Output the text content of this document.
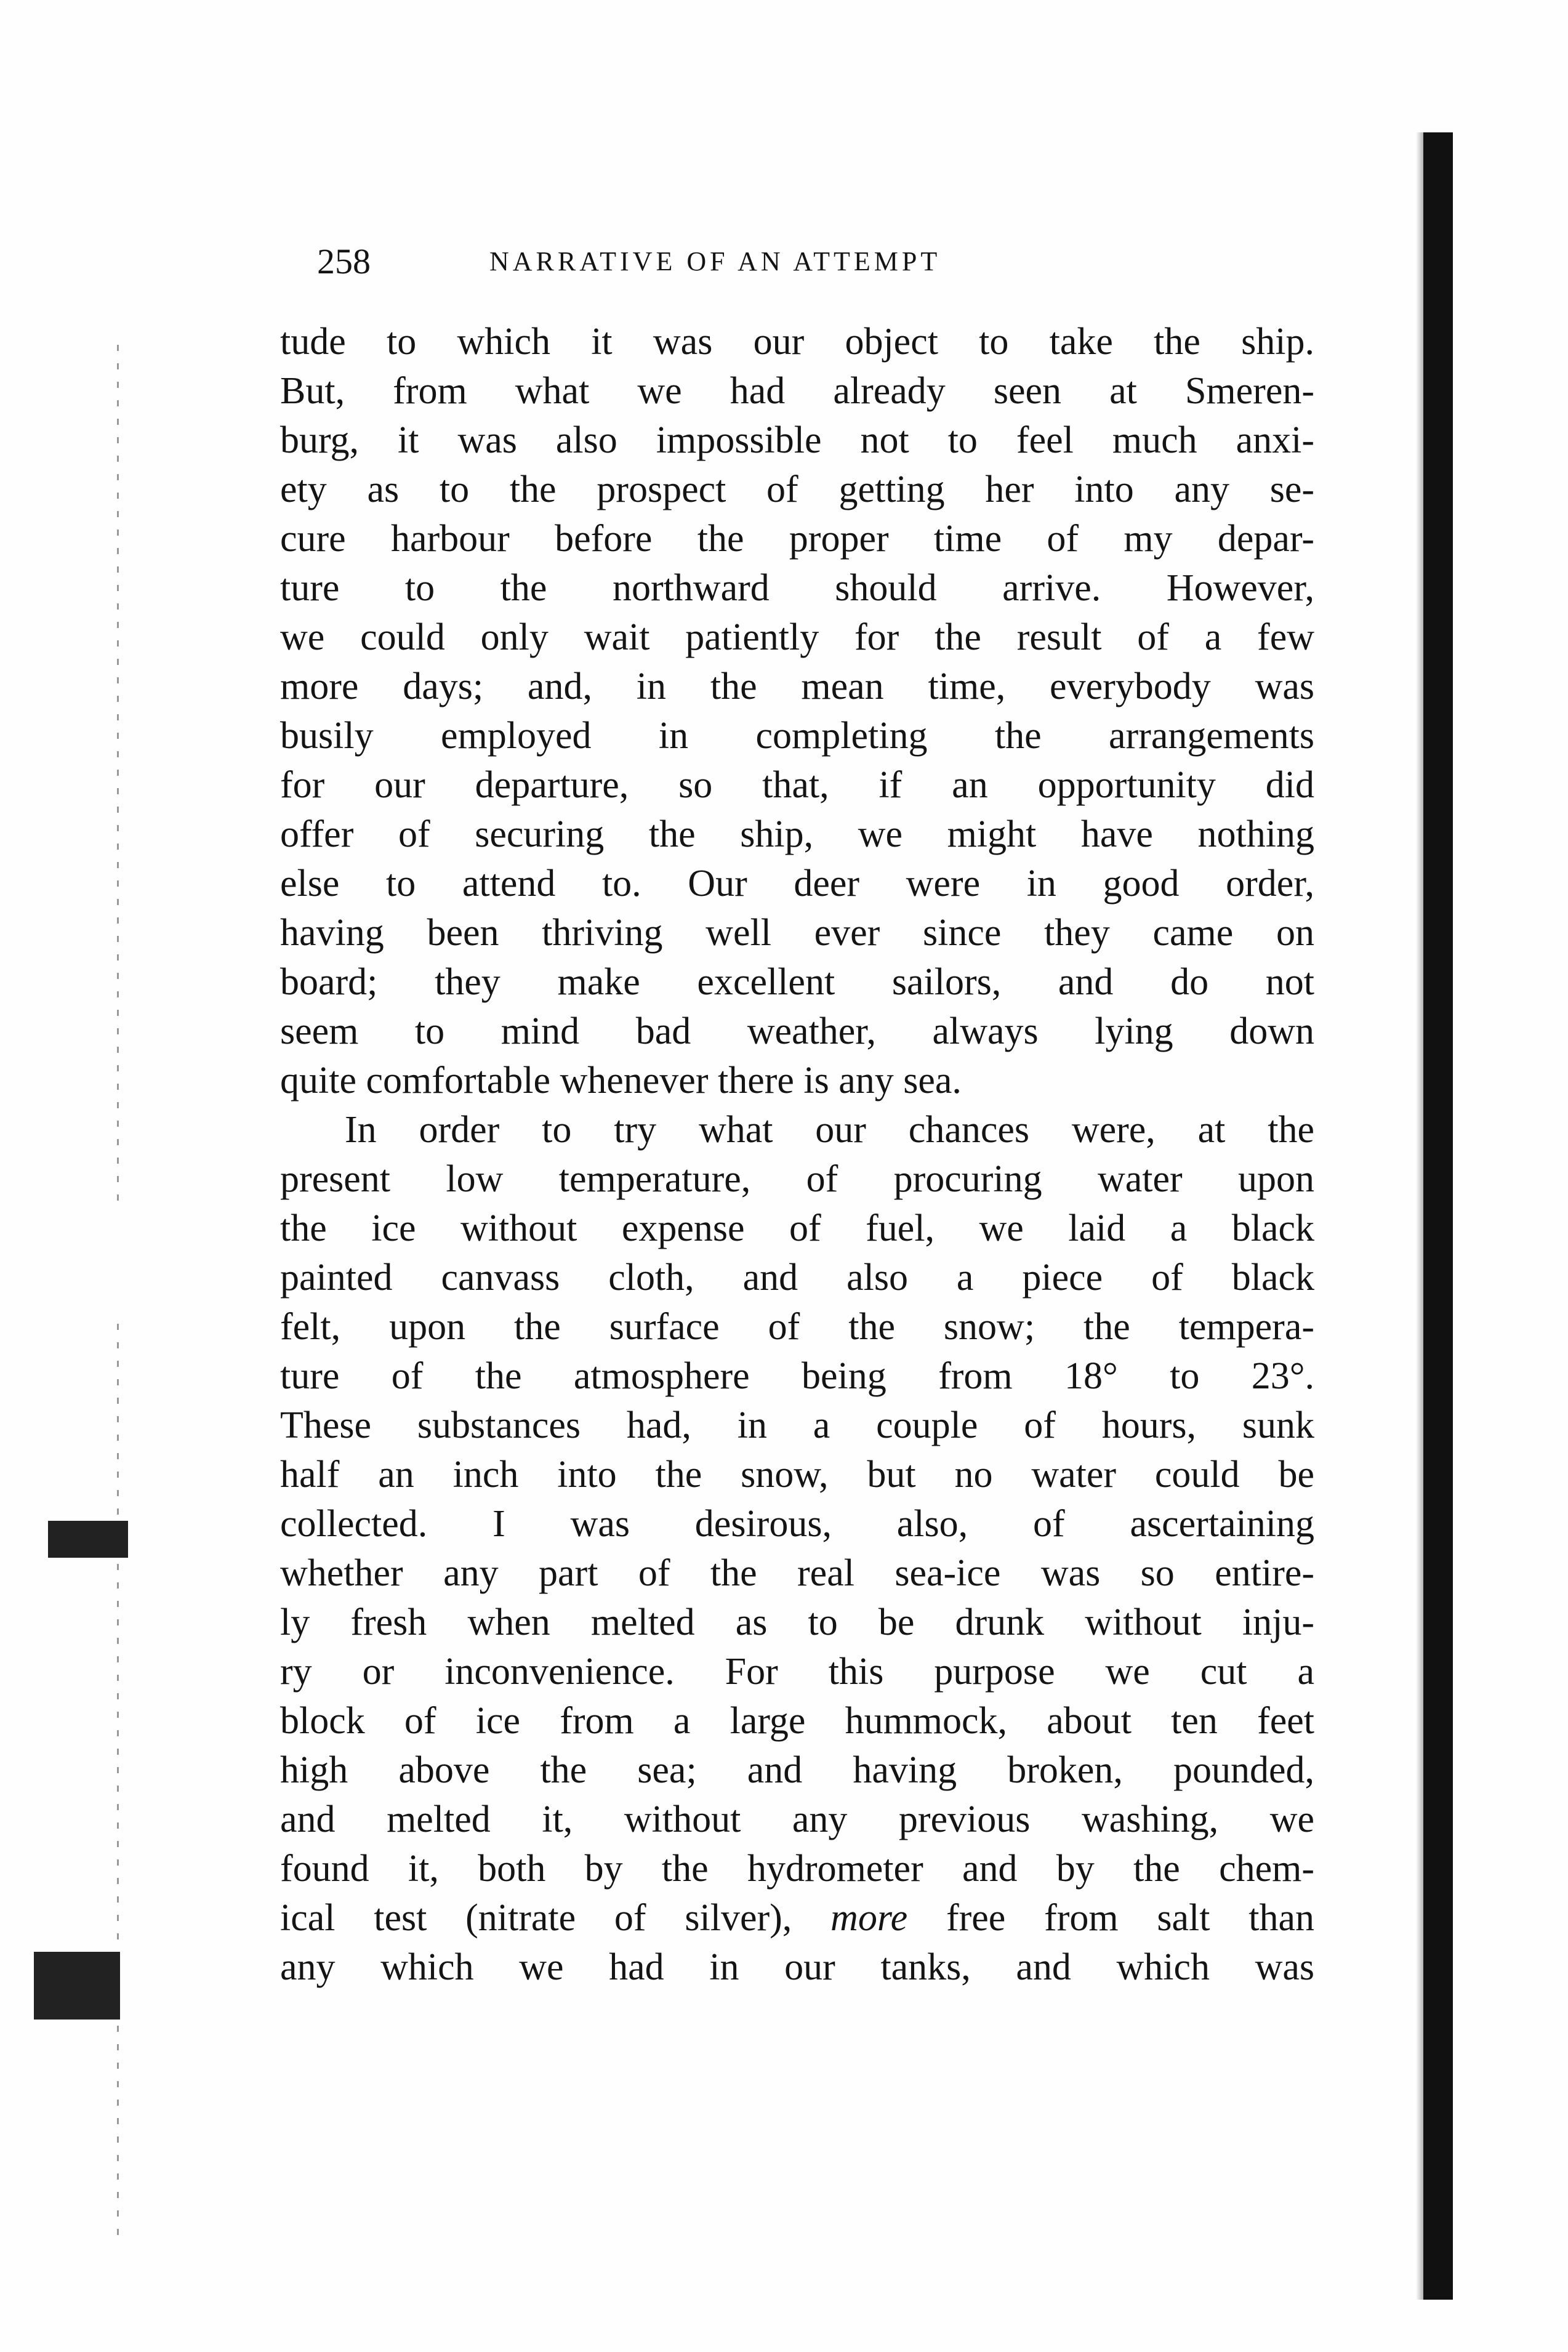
258	NARRATIVE OF AN ATTEMPT
tude to which it was our object to take the ship.
But, from what we had already seen at Smeren-
burg, it was also impossible not to feel much anxi-
ety as to the prospect of getting her into any se-
cure harbour before the proper time of my depar-
ture to the northward should arrive. However,
we could only wait patiently for the result of a few
more days; and, in the mean time, everybody was
busily employed in completing the arrangements
for our departure, so that, if an opportunity did
offer of securing the ship, we might have nothing
else to attend to. Our deer were in good order,
having been thriving well ever since they came on
board; they make excellent sailors, and do not
seem to mind bad weather, always lying down
quite comfortable whenever there is any sea.
In order to try what our chances were, at the
present low temperature, of procuring water upon
the ice without expense of fuel, we laid a black
painted canvass cloth, and also a piece of black
felt, upon the surface of the snow; the tempera-
ture of the atmosphere being from 18° to 23°.
These substances had, in a couple of hours, sunk
half an inch into the snow, but no water could be
collected. I was desirous, also, of ascertaining
whether any part of the real sea-ice was so entire-
ly fresh when melted as to be drunk without inju-
ry or inconvenience. For this purpose we cut a
block of ice from a large hummock, about ten feet
high above the sea; and having broken, pounded,
and melted it, without any previous washing, we
found it, both by the hydrometer and by the chem-
ical test (nitrate of silver), more free from salt than
any which we had in our tanks, and which was
